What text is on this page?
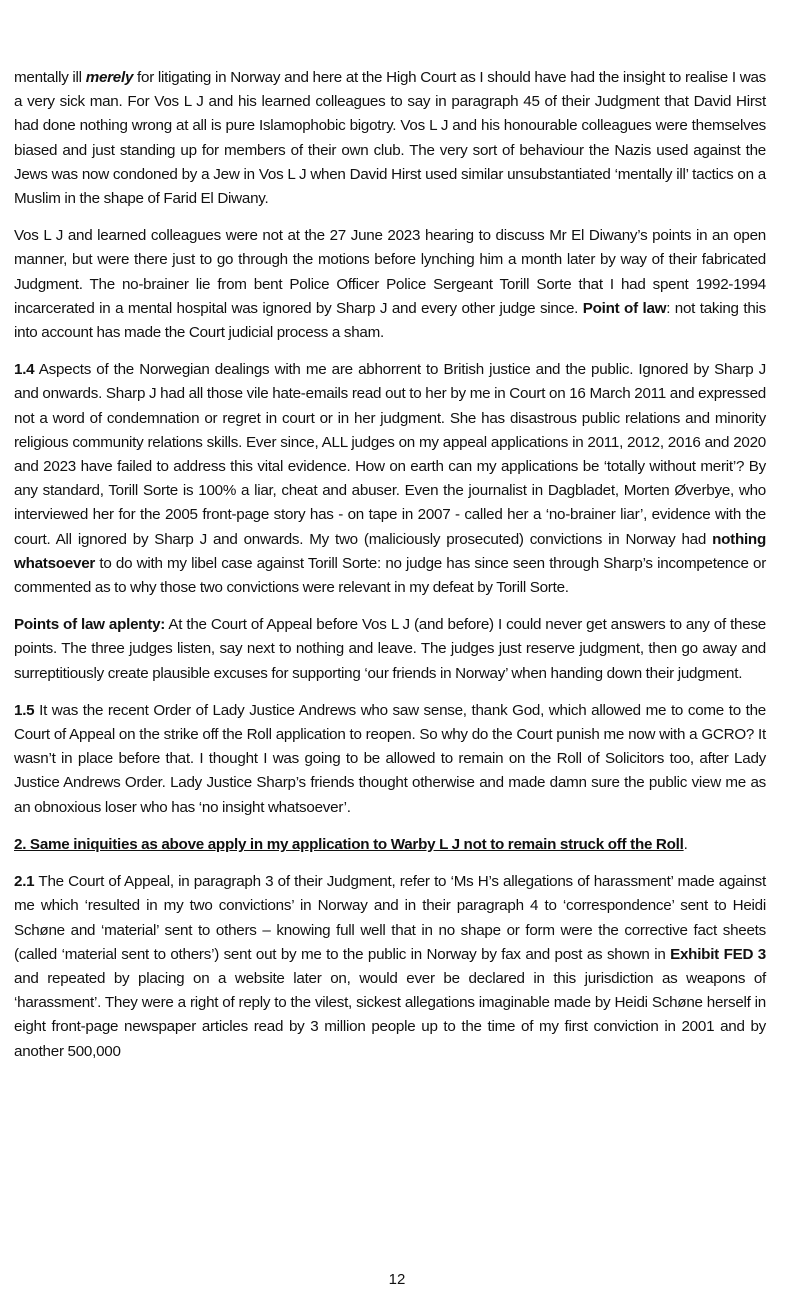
mentally ill merely for litigating in Norway and here at the High Court as I should have had the insight to realise I was a very sick man. For Vos L J and his learned colleagues to say in paragraph 45 of their Judgment that David Hirst had done nothing wrong at all is pure Islamophobic bigotry. Vos L J and his honourable colleagues were themselves biased and just standing up for members of their own club. The very sort of behaviour the Nazis used against the Jews was now condoned by a Jew in Vos L J when David Hirst used similar unsubstantiated ‘mentally ill’ tactics on a Muslim in the shape of Farid El Diwany.

Vos L J and learned colleagues were not at the 27 June 2023 hearing to discuss Mr El Diwany’s points in an open manner, but were there just to go through the motions before lynching him a month later by way of their fabricated Judgment. The no-brainer lie from bent Police Officer Police Sergeant Torill Sorte that I had spent 1992-1994 incarcerated in a mental hospital was ignored by Sharp J and every other judge since. Point of law: not taking this into account has made the Court judicial process a sham.

1.4 Aspects of the Norwegian dealings with me are abhorrent to British justice and the public. Ignored by Sharp J and onwards. Sharp J had all those vile hate-emails read out to her by me in Court on 16 March 2011 and expressed not a word of condemnation or regret in court or in her judgment. She has disastrous public relations and minority religious community relations skills. Ever since, ALL judges on my appeal applications in 2011, 2012, 2016 and 2020 and 2023 have failed to address this vital evidence. How on earth can my applications be ‘totally without merit’? By any standard, Torill Sorte is 100% a liar, cheat and abuser. Even the journalist in Dagbladet, Morten Øverbye, who interviewed her for the 2005 front-page story has - on tape in 2007 - called her a ‘no-brainer liar’, evidence with the court. All ignored by Sharp J and onwards. My two (maliciously prosecuted) convictions in Norway had nothing whatsoever to do with my libel case against Torill Sorte: no judge has since seen through Sharp’s incompetence or commented as to why those two convictions were relevant in my defeat by Torill Sorte.

Points of law aplenty: At the Court of Appeal before Vos L J (and before) I could never get answers to any of these points. The three judges listen, say next to nothing and leave. The judges just reserve judgment, then go away and surreptitiously create plausible excuses for supporting ‘our friends in Norway’ when handing down their judgment.

1.5 It was the recent Order of Lady Justice Andrews who saw sense, thank God, which allowed me to come to the Court of Appeal on the strike off the Roll application to reopen. So why do the Court punish me now with a GCRO? It wasn’t in place before that. I thought I was going to be allowed to remain on the Roll of Solicitors too, after Lady Justice Andrews Order. Lady Justice Sharp’s friends thought otherwise and made damn sure the public view me as an obnoxious loser who has ‘no insight whatsoever’.

2. Same iniquities as above apply in my application to Warby L J not to remain struck off the Roll.

2.1 The Court of Appeal, in paragraph 3 of their Judgment, refer to ‘Ms H’s allegations of harassment’ made against me which ‘resulted in my two convictions’ in Norway and in their paragraph 4 to ‘correspondence’ sent to Heidi Schøne and ‘material’ sent to others – knowing full well that in no shape or form were the corrective fact sheets (called ‘material sent to others’) sent out by me to the public in Norway by fax and post as shown in Exhibit FED 3 and repeated by placing on a website later on, would ever be declared in this jurisdiction as weapons of ‘harassment’. They were a right of reply to the vilest, sickest allegations imaginable made by Heidi Schøne herself in eight front-page newspaper articles read by 3 million people up to the time of my first conviction in 2001 and by another 500,000

12
